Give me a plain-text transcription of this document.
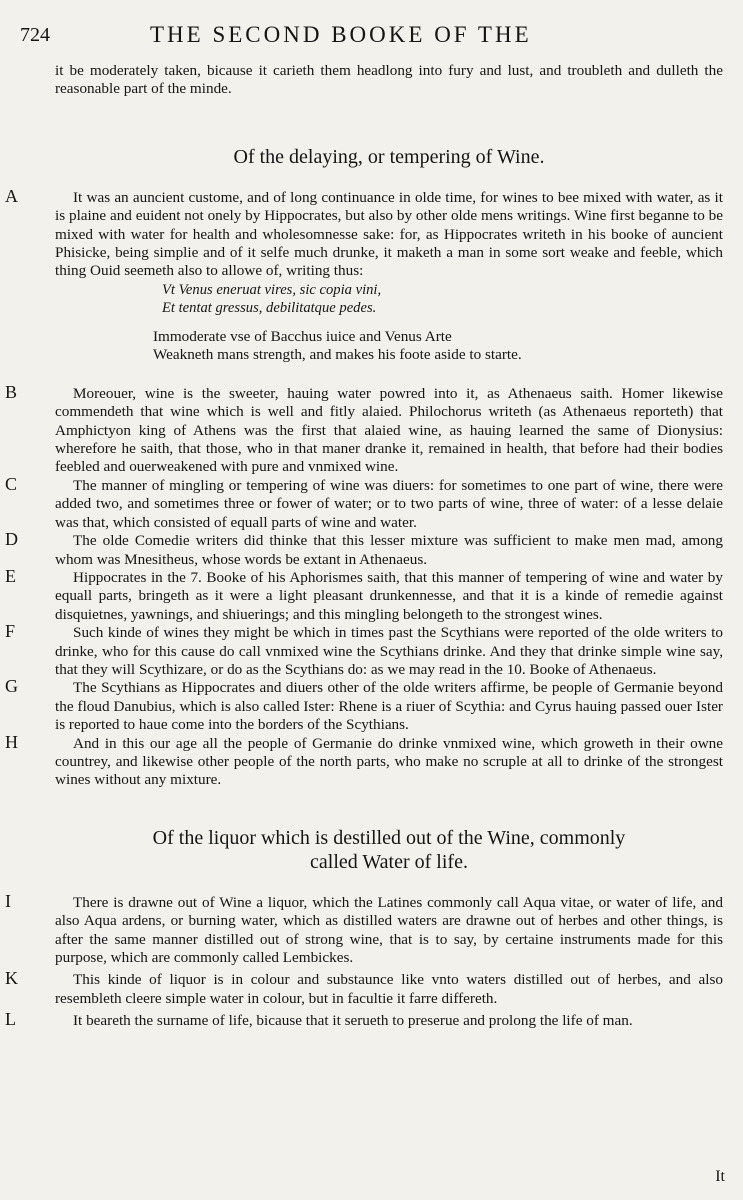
724	THE SECOND BOOKE OF THE

it be moderately taken, bicause it carieth them headlong into fury and lust, and troubleth and dulleth the reasonable part of the minde.

Of the delaying, or tempering of Wine.

A	It was an auncient custome, and of long continuance in olde time, for wines to bee mixed with water, as it is plaine and euident not onely by Hippocrates, but also by other olde mens writings. Wine first beganne to be mixed with water for health and wholesomnesse sake: for, as Hippocrates writeth in his booke of auncient Phisicke, being simplie and of it selfe much drunke, it maketh a man in some sort weake and feeble, which thing Ouid seemeth also to allowe of, writing thus:

Vt Venus eneruat vires, sic copia vini,

Et tentat gressus, debilitatque pedes.

Immoderate vse of Bacchus iuice and Venus Arte

Weakneth mans strength, and makes his foote aside to starte.

B	Moreouer, wine is the sweeter, hauing water powred into it, as Athenaeus saith. Homer likewise commendeth that wine which is well and fitly alaied. Philochorus writeth (as Athenaeus reporteth) that Amphictyon king of Athens was the first that alaied wine, as hauing learned the same of Dionysius: wherefore he saith, that those, who in that maner dranke it, remained in health, that before had their bodies feebled and ouerweakened with pure and vnmixed wine.
C	The manner of mingling or tempering of wine was diuers: for sometimes to one part of wine, there were added two, and sometimes three or fower of water; or to two parts of wine, three of water: of a lesse delaie was that, which consisted of equall parts of wine and water.
D	The olde Comedie writers did thinke that this lesser mixture was sufficient to make men mad, among whom was Mnesitheus, whose words be extant in Athenaeus.
E	Hippocrates in the 7. Booke of his Aphorismes saith, that this manner of tempering of wine and water by equall parts, bringeth as it were a light pleasant drunkennesse, and that it is a kinde of remedie against disquietnes, yawnings, and shiuerings; and this mingling belongeth to the strongest wines.
F	Such kinde of wines they might be which in times past the Scythians were reported of the olde writers to drinke, who for this cause do call vnmixed wine the Scythians drinke. And they that drinke simple wine say, that they will Scythizare, or do as the Scythians do: as we may read in the 10. Booke of Athenaeus.
G	The Scythians as Hippocrates and diuers other of the olde writers affirme, be people of Germanie beyond the floud Danubius, which is also called Ister: Rhene is a riuer of Scythia: and Cyrus hauing passed ouer Ister is reported to haue come into the borders of the Scythians.
H	And in this our age all the people of Germanie do drinke vnmixed wine, which groweth in their owne countrey, and likewise other people of the north parts, who make no scruple at all to drinke of the strongest wines without any mixture.

Of the liquor which is destilled out of the Wine, commonly

called Water of life.

I	There is drawne out of Wine a liquor, which the Latines commonly call Aqua vitae, or water of life, and also Aqua ardens, or burning water, which as distilled waters are drawne out of herbes and other things, is after the same manner distilled out of strong wine, that is to say, by certaine instruments made for this purpose, which are commonly called Lembickes.
K	This kinde of liquor is in colour and substaunce like vnto waters distilled out of herbes, and also resembleth cleere simple water in colour, but in facultie it farre differeth.
L	It beareth the surname of life, bicause that it serueth to preserue and prolong the life of man.
It
